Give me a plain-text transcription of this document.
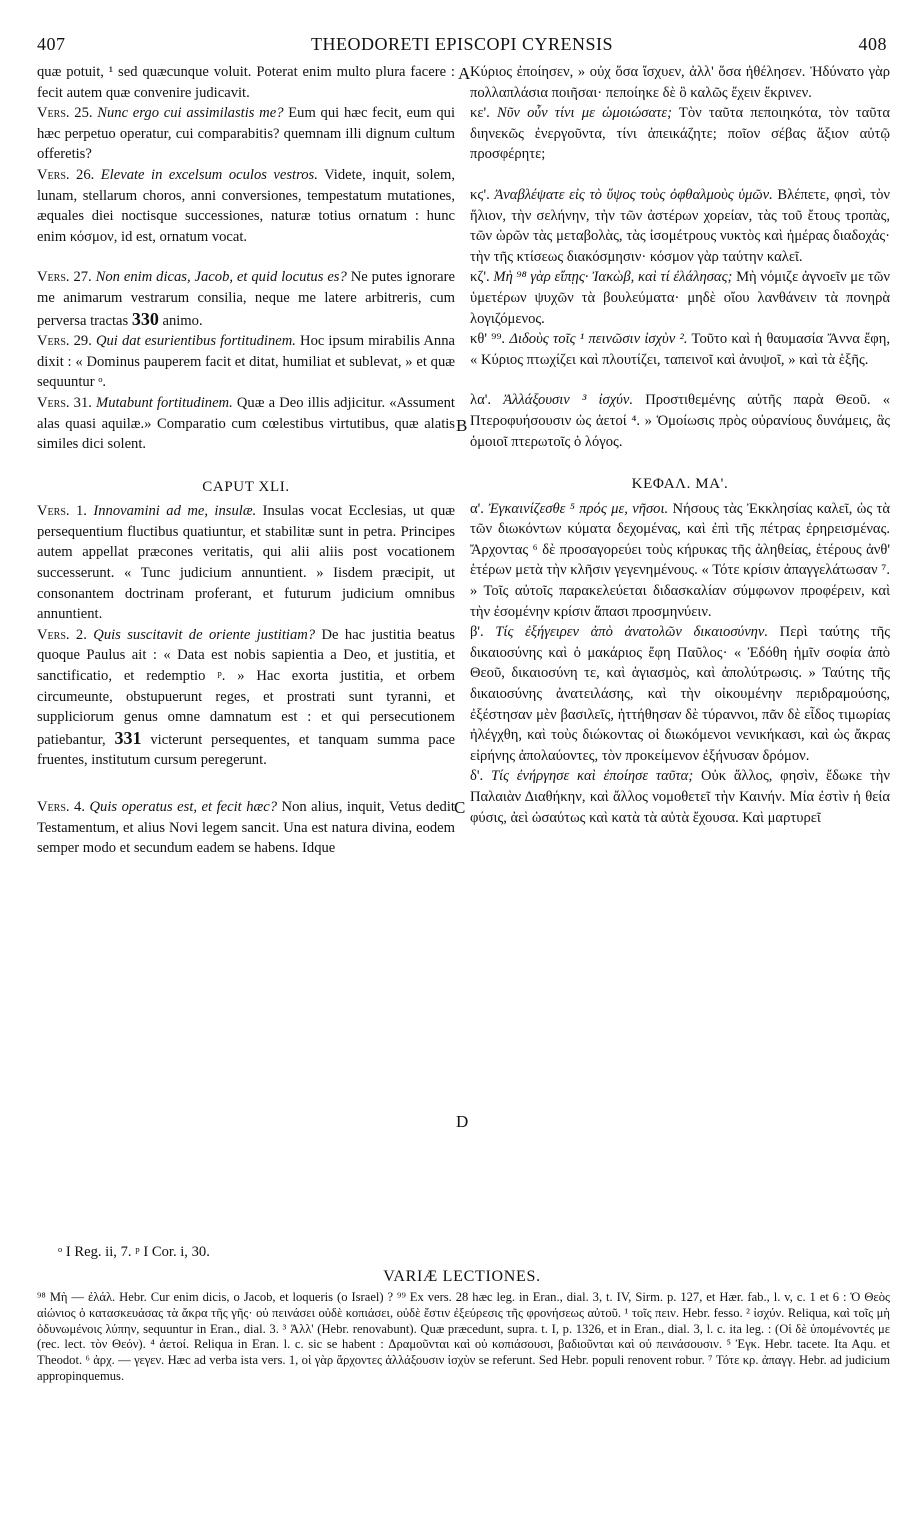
THEODORETI EPISCOPI CYRENSIS
407	408
A
B
C
D

quæ potuit, ¹ sed quæcunque voluit. Poterat enim multo plura facere : fecit autem quæ convenire judicavit.

Vers. 25. Nunc ergo cui assimilastis me? Eum qui hæc fecit, eum qui hæc perpetuo operatur, cui comparabitis? quemnam illi dignum cultum offeretis?

Vers. 26. Elevate in excelsum oculos vestros. Videte, inquit, solem, lunam, stellarum choros, anni conversiones, tempestatum mutationes, æquales diei noctisque successiones, naturæ totius ornatum : hunc enim κόσμον, id est, ornatum vocat.

Vers. 27. Non enim dicas, Jacob, et quid locutus es? Ne putes ignorare me animarum vestrarum consilia, neque me latere arbitreris, cum perversa tractas 330 animo.

Vers. 29. Qui dat esurientibus fortitudinem. Hoc ipsum mirabilis Anna dixit : « Dominus pauperem facit et ditat, humiliat et sublevat, » et quæ sequuntur ᵒ.

Vers. 31. Mutabunt fortitudinem. Quæ a Deo illis adjicitur. «Assument alas quasi aquilæ.» Comparatio cum cœlestibus virtutibus, quæ alatis similes dici solent.

CAPUT XLI.

Vers. 1. Innovamini ad me, insulæ. Insulas vocat Ecclesias, ut quæ persequentium fluctibus quatiuntur, et stabilitæ sunt in petra. Principes autem appellat præcones veritatis, qui alii aliis post vocationem successerunt. « Tunc judicium annuntient. » Iisdem præcipit, ut consonantem doctrinam proferant, et futurum judicium omnibus annuntient.

Vers. 2. Quis suscitavit de oriente justitiam? De hac justitia beatus quoque Paulus ait : « Data est nobis sapientia a Deo, et justitia, et sanctificatio, et redemptio ᵖ. » Hac exorta justitia, et orbem circumeunte, obstupuerunt reges, et prostrati sunt tyranni, et suppliciorum genus omne damnatum est : et qui persecutionem patiebantur, 331 victerunt persequentes, et tanquam summa pace fruentes, institutum cursum peregerunt.

Vers. 4. Quis operatus est, et fecit hæc? Non alius, inquit, Vetus dedit Testamentum, et alius Novi legem sancit. Una est natura divina, eodem semper modo et secundum eadem se habens. Idque

Κύριος ἐποίησεν, » οὐχ ὅσα ἴσχυεν, ἀλλ' ὅσα ἠθέλησεν. Ἠδύνατο γὰρ πολλαπλάσια ποιῆσαι· πεποίηκε δὲ ὃ καλῶς ἔχειν ἔκρινεν.

κε'. Νῦν οὖν τίνι με ὡμοιώσατε; Τὸν ταῦτα πεποιηκότα, τὸν ταῦτα διηνεκῶς ἐνεργοῦντα, τίνι ἀπεικάζητε; ποῖον σέβας ἄξιον αὐτῷ προσφέρητε;

κϛ'. Ἀναβλέψατε εἰς τὸ ὕψος τοὺς ὀφθαλμοὺς ὑμῶν. Βλέπετε, φησὶ, τὸν ἥλιον, τὴν σελήνην, τὴν τῶν ἀστέρων χορείαν, τὰς τοῦ ἔτους τροπὰς, τῶν ὡρῶν τὰς μεταβολὰς, τὰς ἰσομέτρους νυκτὸς καὶ ἡμέρας διαδοχάς· τὴν τῆς κτίσεως διακόσμησιν· κόσμον γὰρ ταύτην καλεῖ.

κζ'. Μὴ ⁹⁸ γὰρ εἴπῃς· Ἰακὼβ, καὶ τί ἐλάλησας; Μὴ νόμιζε ἀγνοεῖν με τῶν ὑμετέρων ψυχῶν τὰ βουλεύματα· μηδὲ οἴου λανθάνειν τὰ πονηρὰ λογιζόμενος.

κθ' ⁹⁹. Διδοὺς τοῖς ¹ πεινῶσιν ἰσχὺν ². Τοῦτο καὶ ἡ θαυμασία Ἄννα ἔφη, « Κύριος πτωχίζει καὶ πλουτίζει, ταπεινοῖ καὶ ἀνυψοῖ, » καὶ τὰ ἑξῆς.

λα'. Ἀλλάξουσιν ³ ἰσχύν. Προστιθεμένης αὐτῆς παρὰ Θεοῦ. « Πτεροφυήσουσιν ὡς ἀετοί ⁴. » Ὁμοίωσις πρὸς οὐρανίους δυνάμεις, ἃς ὁμοιοῖ πτερωτοῖς ὁ λόγος.

ΚΕΦΑΛ. ΜΑ'.

α'. Ἐγκαινίζεσθε ⁵ πρός με, νῆσοι. Νήσους τὰς Ἐκκλησίας καλεῖ, ὡς τὰ τῶν διωκόντων κύματα δεχομένας, καὶ ἐπὶ τῆς πέτρας ἐρηρεισμένας. Ἄρχοντας ⁶ δὲ προσαγορεύει τοὺς κήρυκας τῆς ἀληθείας, ἑτέρους ἀνθ' ἑτέρων μετὰ τὴν κλῆσιν γεγενημένους. « Τότε κρίσιν ἀπαγγελάτωσαν ⁷. » Τοῖς αὐτοῖς παρακελεύεται διδασκαλίαν σύμφωνον προφέρειν, καὶ τὴν ἐσομένην κρίσιν ἅπασι προσμηνύειν.

β'. Τίς ἐξήγειρεν ἀπὸ ἀνατολῶν δικαιοσύνην. Περὶ ταύτης τῆς δικαιοσύνης καὶ ὁ μακάριος ἔφη Παῦλος· « Ἐδόθη ἡμῖν σοφία ἀπὸ Θεοῦ, δικαιοσύνη τε, καὶ ἁγιασμὸς, καὶ ἀπολύτρωσις. » Ταύτης τῆς δικαιοσύνης ἀνατειλάσης, καὶ τὴν οἰκουμένην περιδραμούσης, ἐξέστησαν μὲν βασιλεῖς, ἡττήθησαν δὲ τύραννοι, πᾶν δὲ εἶδος τιμωρίας ἠλέγχθη, καὶ τοὺς διώκοντας οἱ διωκόμενοι νενικήκασι, καὶ ὡς ἄκρας εἰρήνης ἀπολαύοντες, τὸν προκείμενον ἐξήνυσαν δρόμον.

δ'. Τίς ἐνήργησε καὶ ἐποίησε ταῦτα; Οὐκ ἄλλος, φησὶν, ἔδωκε τὴν Παλαιὰν Διαθήκην, καὶ ἄλλος νομοθετεῖ τὴν Καινήν. Μία ἐστὶν ἡ θεία φύσις, ἀεὶ ὡσαύτως καὶ κατὰ τὰ αὐτὰ ἔχουσα. Καὶ μαρτυρεῖ

ᵒ I Reg. ii, 7. ᵖ I Cor. i, 30.
VARIÆ LECTIONES.

⁹⁸ Μὴ — ἐλάλ. Hebr. Cur enim dicis, o Jacob, et loqueris (o Israel) ? ⁹⁹ Ex vers. 28 hæc leg. in Eran., dial. 3, t. IV, Sirm. p. 127, et Hær. fab., l. v, c. 1 et 6 : Ὁ Θεὸς αἰώνιος ὁ κατασκευάσας τὰ ἄκρα τῆς γῆς· οὐ πεινάσει οὐδὲ κοπιάσει, οὐδὲ ἔστιν ἐξεύρεσις τῆς φρονήσεως αὐτοῦ. ¹ τοῖς πειν. Hebr. fesso. ² ἰσχύν. Reliqua, καὶ τοῖς μὴ ὀδυνωμένοις λύπην, sequuntur in Eran., dial. 3. ³ Ἀλλ' (Hebr. renovabunt). Quæ præcedunt, supra. t. I, p. 1326, et in Eran., dial. 3, l. c. ita leg. : (Οἱ δὲ ὑπομένοντές με (rec. lect. τὸν Θεόν). ⁴ ἀετοί. Reliqua in Eran. l. c. sic se habent : Δραμοῦνται καὶ οὐ κοπιάσουσι, βαδιοῦνται καὶ οὐ πεινάσουσιν. ⁵ Ἐγκ. Hebr. tacete. Ita Aqu. et Theodot. ⁶ ἀρχ. — γεγεν. Hæc ad verba ista vers. 1, οἱ γὰρ ἄρχοντες ἀλλάξουσιν ἰσχὺν se referunt. Sed Hebr. populi renovent robur. ⁷ Τότε κρ. ἀπαγγ. Hebr. ad judicium appropinquemus.
